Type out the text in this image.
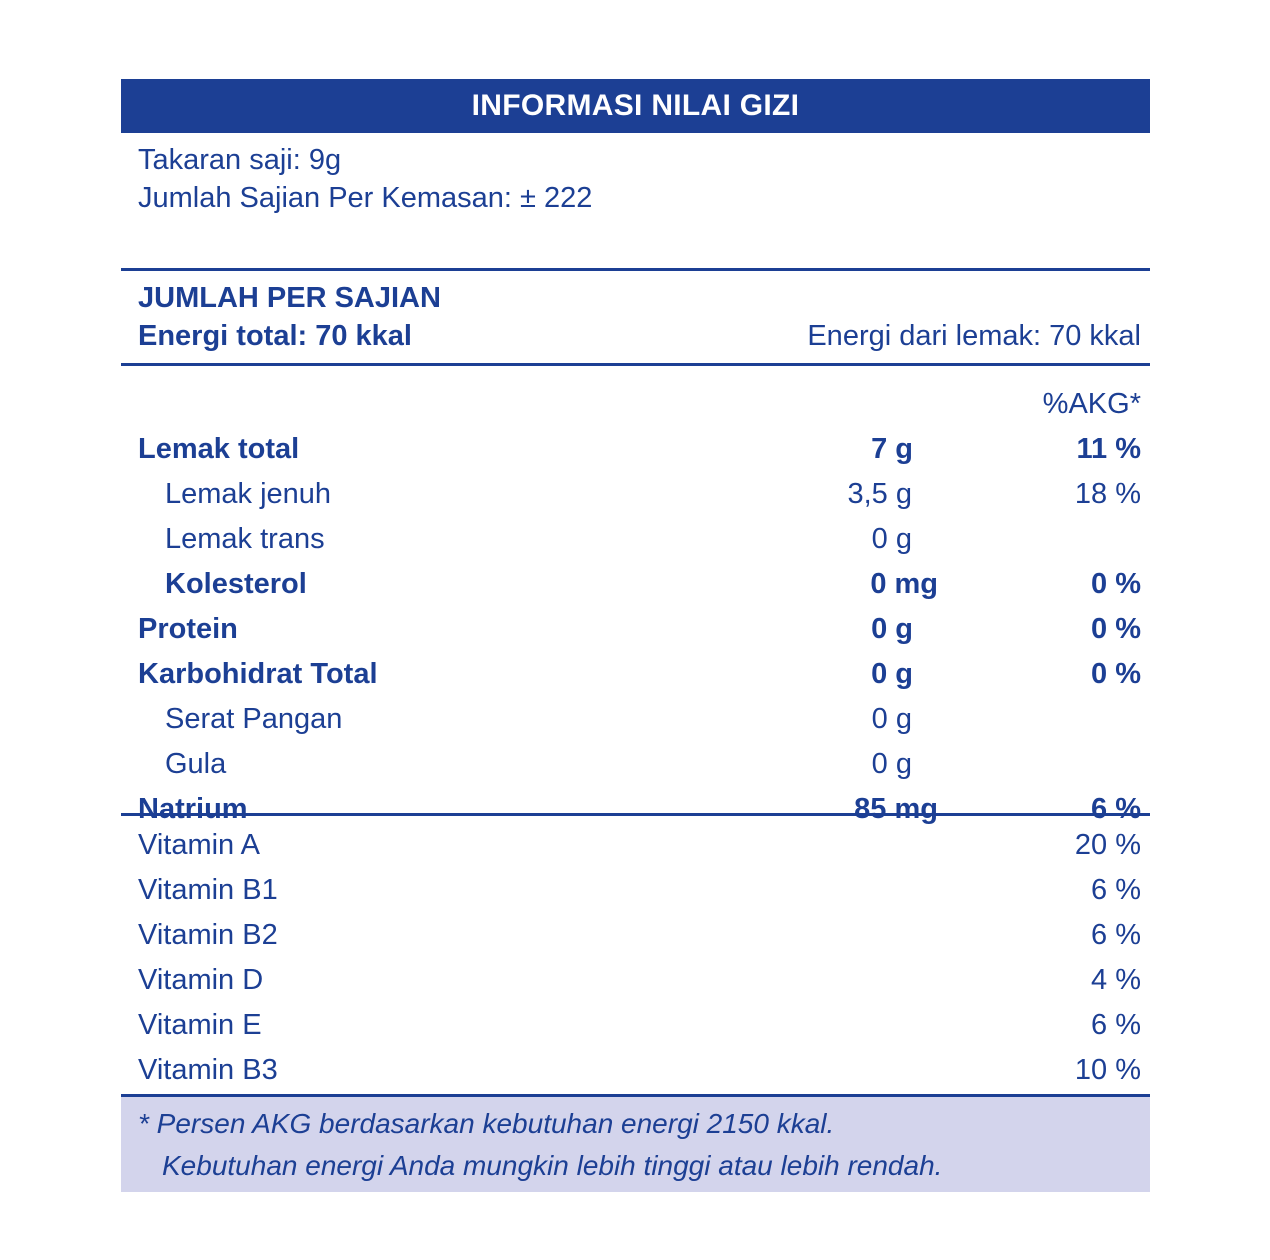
INFORMASI NILAI GIZI
Takaran saji: 9g
Jumlah Sajian Per Kemasan: ± 222
JUMLAH PER SAJIAN
Energi total: 70 kkal	Energi dari lemak: 70 kkal
%AKG*
Lemak total	7 g	11 %
Lemak jenuh	3,5 g	18 %
Lemak trans	0 g
Kolesterol	0 mg	0 %
Protein	0 g	0 %
Karbohidrat Total	0 g	0 %
Serat Pangan	0 g
Gula	0 g
Natrium	85 mg	6 %
Vitamin A	20 %
Vitamin B1	6 %
Vitamin B2	6 %
Vitamin D	4 %
Vitamin E	6 %
Vitamin B3	10 %
* Persen AKG berdasarkan kebutuhan energi 2150 kkal.
Kebutuhan energi Anda mungkin lebih tinggi atau lebih rendah.
